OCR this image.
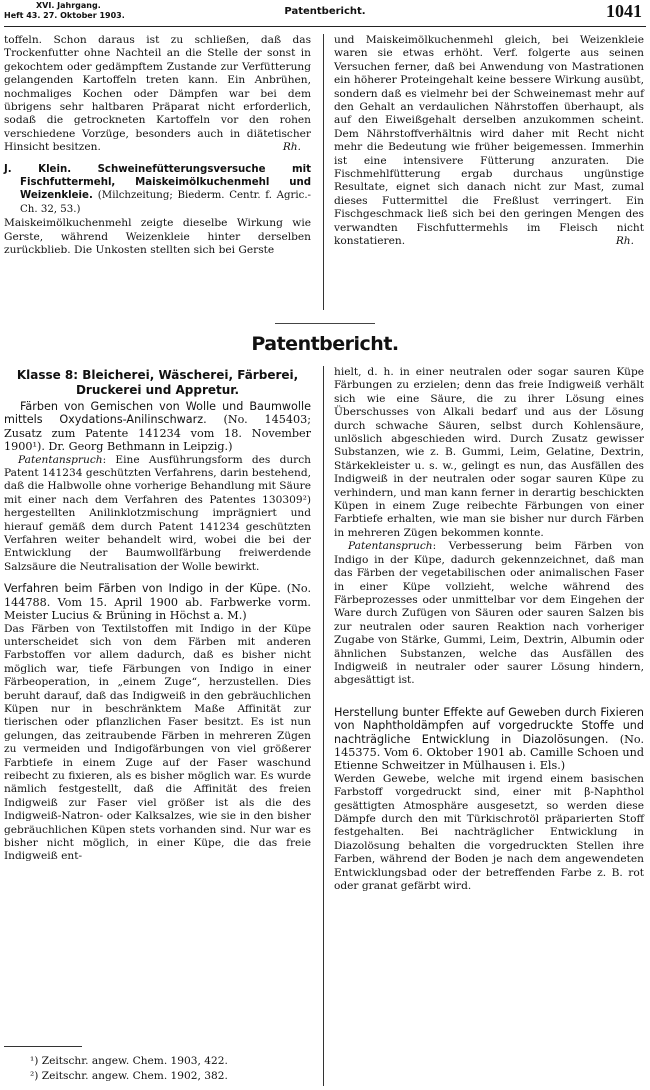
XVI. Jahrgang.
Heft 43. 27. Oktober 1903.	Patentbericht.	1041

toffeln. Schon daraus ist zu schließen, daß das Trockenfutter ohne Nachteil an die Stelle der sonst in gekochtem oder gedämpftem Zustande zur Verfütterung gelangenden Kartoffeln treten kann. Ein Anbrühen, nochmaliges Kochen oder Dämpfen war bei dem übrigens sehr haltbaren Präparat nicht erforderlich, sodaß die getrockneten Kartoffeln vor den rohen verschiedene Vorzüge, besonders auch in diätetischer Hinsicht besitzen.	Rh.

J. Klein. Schweinefütterungsversuche mit Fischfuttermehl, Maiskeimölkuchenmehl und Weizenkleie. (Milchzeitung; Biederm. Centr. f. Agric.-Ch. 32, 53.)

Maiskeimölkuchenmehl zeigte dieselbe Wirkung wie Gerste, während Weizenkleie hinter derselben zurückblieb. Die Unkosten stellten sich bei Gerste

und Maiskeimölkuchenmehl gleich, bei Weizenkleie waren sie etwas erhöht. Verf. folgerte aus seinen Versuchen ferner, daß bei Anwendung von Mastrationen ein höherer Proteingehalt keine bessere Wirkung ausübt, sondern daß es vielmehr bei der Schweinemast mehr auf den Gehalt an verdaulichen Nährstoffen überhaupt, als auf den Eiweißgehalt derselben anzukommen scheint. Dem Nährstoffverhältnis wird daher mit Recht nicht mehr die Bedeutung wie früher beigemessen. Immerhin ist eine intensivere Fütterung anzuraten. Die Fischmehlfütterung ergab durchaus ungünstige Resultate, eignet sich danach nicht zur Mast, zumal dieses Futtermittel die Freßlust verringert. Ein Fischgeschmack ließ sich bei den geringen Mengen des verwandten Fischfuttermehls im Fleisch nicht konstatieren.	Rh.

Patentbericht.
Klasse 8: Bleicherei, Wäscherei, Färberei, Druckerei und Appretur.

Färben von Gemischen von Wolle und Baumwolle mittels Oxydations-Anilinschwarz. (No. 145403; Zusatz zum Patente 141234 vom 18. November 1900¹). Dr. Georg Bethmann in Leipzig.)

Patentanspruch: Eine Ausführungsform des durch Patent 141234 geschützten Verfahrens, darin bestehend, daß die Halbwolle ohne vorherige Behandlung mit Säure mit einer nach dem Verfahren des Patentes 130309²) hergestellten Anilinklotzmischung imprägniert und hierauf gemäß dem durch Patent 141234 geschützten Verfahren weiter behandelt wird, wobei die bei der Entwicklung der Baumwollfärbung freiwerdende Salzsäure die Neutralisation der Wolle bewirkt.

Verfahren beim Färben von Indigo in der Küpe. (No. 144788. Vom 15. April 1900 ab. Farbwerke vorm. Meister Lucius & Brüning in Höchst a. M.)

Das Färben von Textilstoffen mit Indigo in der Küpe unterscheidet sich von dem Färben mit anderen Farbstoffen vor allem dadurch, daß es bisher nicht möglich war, tiefe Färbungen von Indigo in einer Färbeoperation, in „einem Zuge“, herzustellen. Dies beruht darauf, daß das Indigweiß in den gebräuchlichen Küpen nur in beschränktem Maße Affinität zur tierischen oder pflanzlichen Faser besitzt. Es ist nun gelungen, das zeitraubende Färben in mehreren Zügen zu vermeiden und Indigofärbungen von viel größerer Farbtiefe in einem Zuge auf der Faser waschund reibecht zu fixieren, als es bisher möglich war. Es wurde nämlich festgestellt, daß die Affinität des freien Indigweiß zur Faser viel größer ist als die des Indigweiß-Natron- oder Kalksalzes, wie sie in den bisher gebräuchlichen Küpen stets vorhanden sind. Nur war es bisher nicht möglich, in einer Küpe, die das freie Indigweiß ent-

¹) Zeitschr. angew. Chem. 1903, 422.
²) Zeitschr. angew. Chem. 1902, 382.

hielt, d. h. in einer neutralen oder sogar sauren Küpe Färbungen zu erzielen; denn das freie Indigweiß verhält sich wie eine Säure, die zu ihrer Lösung eines Überschusses von Alkali bedarf und aus der Lösung durch schwache Säuren, selbst durch Kohlensäure, unlöslich abgeschieden wird. Durch Zusatz gewisser Substanzen, wie z. B. Gummi, Leim, Gelatine, Dextrin, Stärkekleister u. s. w., gelingt es nun, das Ausfällen des Indigweiß in der neutralen oder sogar sauren Küpe zu verhindern, und man kann ferner in derartig beschickten Küpen in einem Zuge reibechte Färbungen von einer Farbtiefe erhalten, wie man sie bisher nur durch Färben in mehreren Zügen bekommen konnte.

Patentanspruch: Verbesserung beim Färben von Indigo in der Küpe, dadurch gekennzeichnet, daß man das Färben der vegetabilischen oder animalischen Faser in einer Küpe vollzieht, welche während des Färbeprozesses oder unmittelbar vor dem Eingehen der Ware durch Zufügen von Säuren oder sauren Salzen bis zur neutralen oder sauren Reaktion nach vorheriger Zugabe von Stärke, Gummi, Leim, Dextrin, Albumin oder ähnlichen Substanzen, welche das Ausfällen des Indigweiß in neutraler oder saurer Lösung hindern, abgesättigt ist.

Herstellung bunter Effekte auf Geweben durch Fixieren von Naphtholdämpfen auf vorgedruckte Stoffe und nachträgliche Entwicklung in Diazolösungen. (No. 145375. Vom 6. Oktober 1901 ab. Camille Schoen und Etienne Schweitzer in Mülhausen i. Els.)

Werden Gewebe, welche mit irgend einem basischen Farbstoff vorgedruckt sind, einer mit β-Naphthol gesättigten Atmosphäre ausgesetzt, so werden diese Dämpfe durch den mit Türkischrotöl präparierten Stoff festgehalten. Bei nachträglicher Entwicklung in Diazolösung behalten die vorgedruckten Stellen ihre Farben, während der Boden je nach dem angewendeten Entwicklungsbad oder der betreffenden Farbe z. B. rot oder granat gefärbt wird.
